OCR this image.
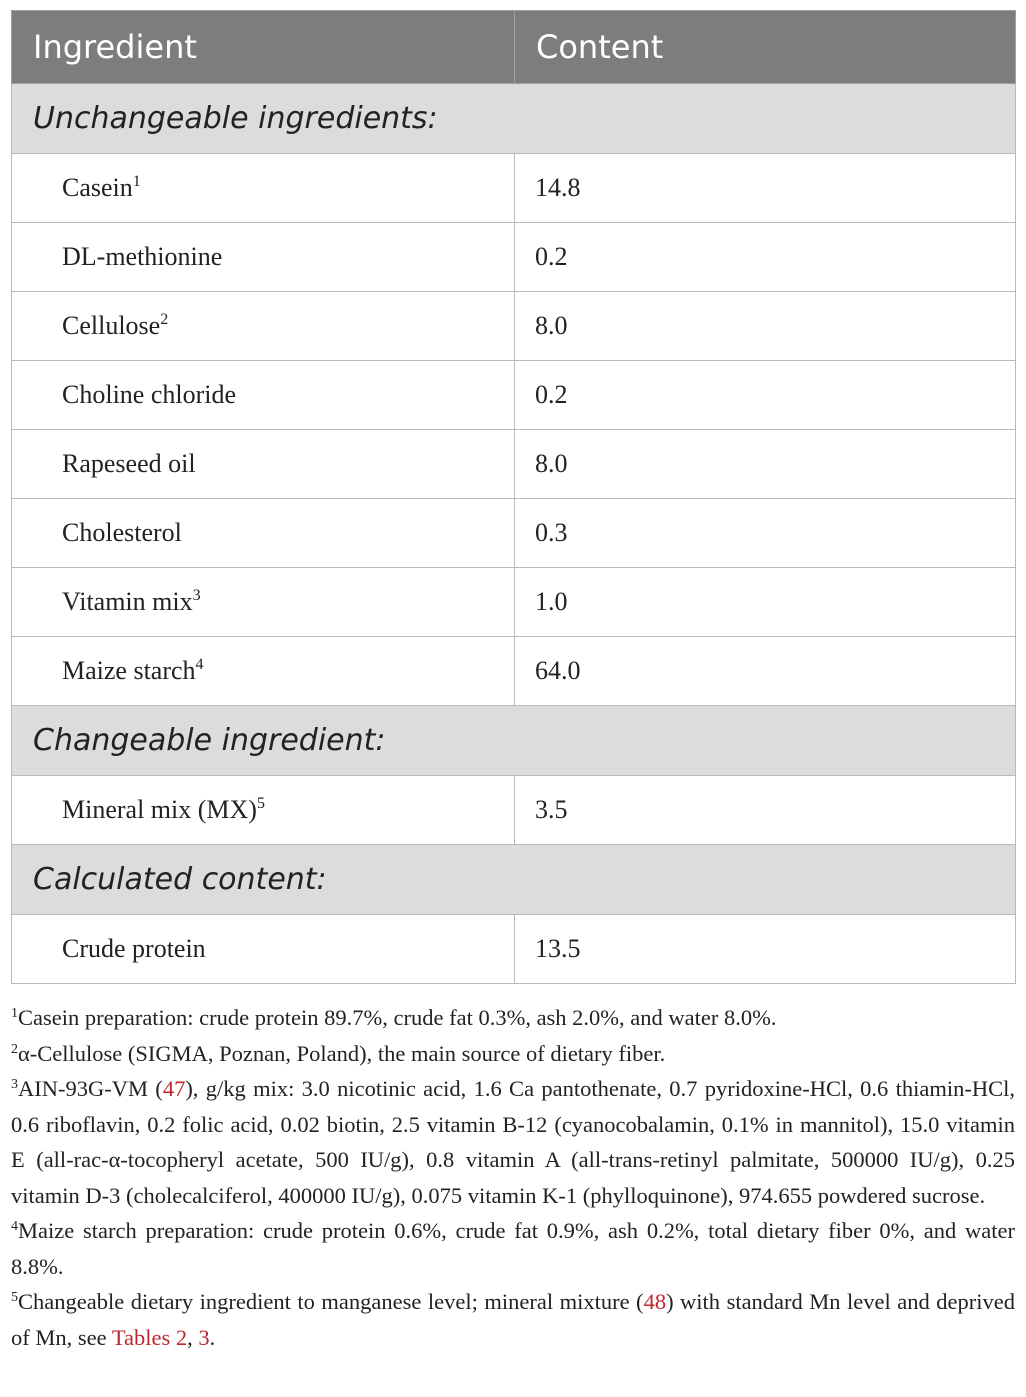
Ingredient	Content
Unchangeable ingredients:	
Casein$^1$	14.8
DL-methionine	0.2
Cellulose$^2$	8.0
Choline chloride	0.2
Rapeseed oil	8.0
Cholesterol	0.3
Vitamin mix$^3$	1.0
Maize starch$^4$	64.0
Changeable ingredient:	
Mineral mix (MX)$^5$	3.5
Calculated content:	
Crude protein	13.5

$^1$Casein preparation: crude protein 89.7%, crude fat 0.3%, ash 2.0%, and water 8.0%.

$^2$α-Cellulose (SIGMA, Poznan, Poland), the main source of dietary fiber.

$^3$AIN-93G-VM (47), g/kg mix: 3.0 nicotinic acid, 1.6 Ca pantothenate, 0.7 pyridoxine-HCl, 0.6 thiamin-HCl, 0.6 riboflavin, 0.2 folic acid, 0.02 biotin, 2.5 vitamin B-12 (cyanocobalamin, 0.1% in mannitol), 15.0 vitamin E (all-rac-α-tocopheryl acetate, 500 IU/g), 0.8 vitamin A (all-trans-retinyl palmitate, 500000 IU/g), 0.25 vitamin D-3 (cholecalciferol, 400000 IU/g), 0.075 vitamin K-1 (phylloquinone), 974.655 powdered sucrose.

$^4$Maize starch preparation: crude protein 0.6%, crude fat 0.9%, ash 0.2%, total dietary fiber 0%, and water 8.8%.

$^5$Changeable dietary ingredient to manganese level; mineral mixture (48) with standard Mn level and deprived of Mn, see Tables 2, 3.
